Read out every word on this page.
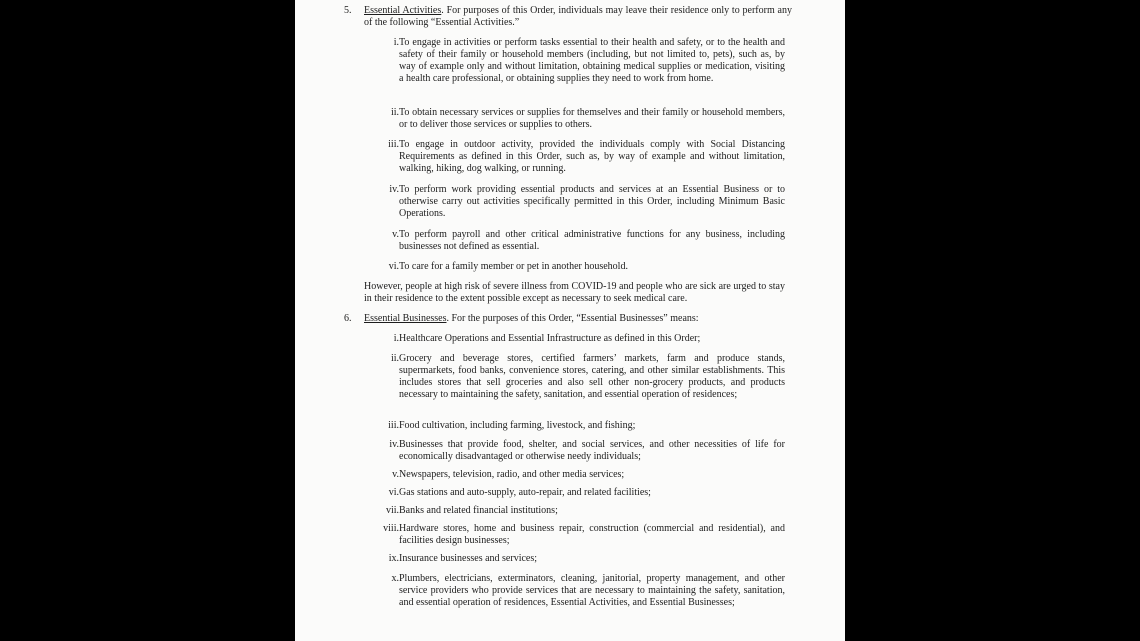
5.	Essential Activities. For purposes of this Order, individuals may leave their residence only to perform any of the following “Essential Activities.”
i. To engage in activities or perform tasks essential to their health and safety, or to the health and safety of their family or household members (including, but not limited to, pets), such as, by way of example only and without limitation, obtaining medical supplies or medication, visiting a health care professional, or obtaining supplies they need to work from home.
ii. To obtain necessary services or supplies for themselves and their family or household members, or to deliver those services or supplies to others.
iii. To engage in outdoor activity, provided the individuals comply with Social Distancing Requirements as defined in this Order, such as, by way of example and without limitation, walking, hiking, dog walking, or running.
iv. To perform work providing essential products and services at an Essential Business or to otherwise carry out activities specifically permitted in this Order, including Minimum Basic Operations.
v. To perform payroll and other critical administrative functions for any business, including businesses not defined as essential.
vi. To care for a family member or pet in another household.
However, people at high risk of severe illness from COVID-19 and people who are sick are urged to stay in their residence to the extent possible except as necessary to seek medical care.
6.	Essential Businesses. For the purposes of this Order, “Essential Businesses” means:
i. Healthcare Operations and Essential Infrastructure as defined in this Order;
ii. Grocery and beverage stores, certified farmers’ markets, farm and produce stands, supermarkets, food banks, convenience stores, catering, and other similar establishments. This includes stores that sell groceries and also sell other non-grocery products, and products necessary to maintaining the safety, sanitation, and essential operation of residences;
iii. Food cultivation, including farming, livestock, and fishing;
iv. Businesses that provide food, shelter, and social services, and other necessities of life for economically disadvantaged or otherwise needy individuals;
v. Newspapers, television, radio, and other media services;
vi. Gas stations and auto-supply, auto-repair, and related facilities;
vii. Banks and related financial institutions;
viii. Hardware stores, home and business repair, construction (commercial and residential), and facilities design businesses;
ix. Insurance businesses and services;
x. Plumbers, electricians, exterminators, cleaning, janitorial, property management, and other service providers who provide services that are necessary to maintaining the safety, sanitation, and essential operation of residences, Essential Activities, and Essential Businesses;
